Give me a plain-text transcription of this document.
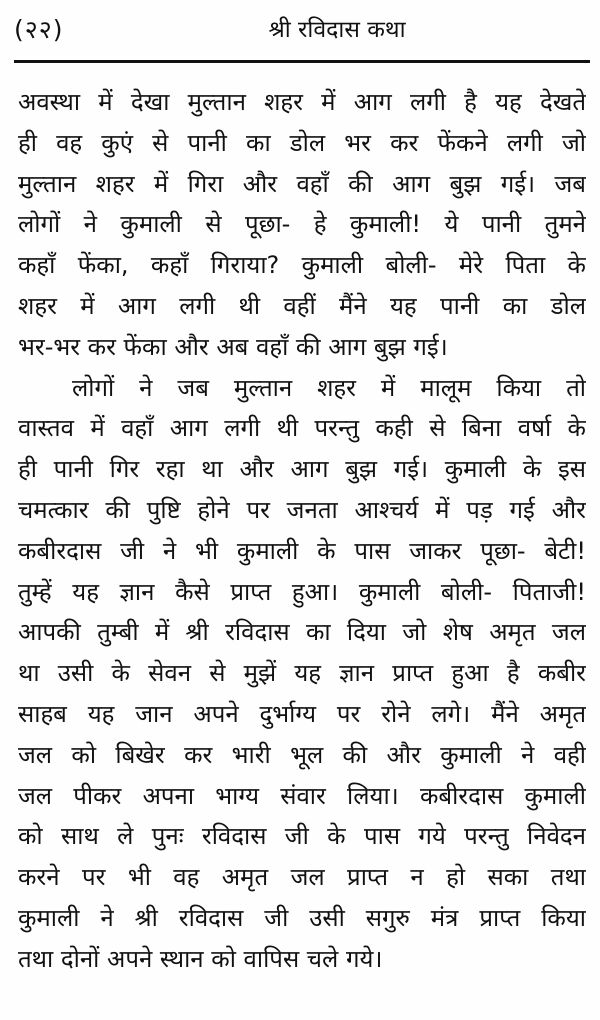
(२२)	श्री रविदास कथा
अवस्था में देखा मुल्तान शहर में आग लगी है यह देखते
ही वह कुएं से पानी का डोल भर कर फेंकने लगी जो
मुल्तान शहर में गिरा और वहाँ की आग बुझ गई। जब
लोगों ने कुमाली से पूछा- हे कुमाली! ये पानी तुमने
कहाँ फेंका, कहाँ गिराया? कुमाली बोली- मेरे पिता के
शहर में आग लगी थी वहीं मैंने यह पानी का डोल
भर-भर कर फेंका और अब वहाँ की आग बुझ गई।
लोगों ने जब मुल्तान शहर में मालूम किया तो
वास्तव में वहाँ आग लगी थी परन्तु कही से बिना वर्षा के
ही पानी गिर रहा था और आग बुझ गई। कुमाली के इस
चमत्कार की पुष्टि होने पर जनता आश्चर्य में पड़ गई और
कबीरदास जी ने भी कुमाली के पास जाकर पूछा- बेटी!
तुम्हें यह ज्ञान कैसे प्राप्त हुआ। कुमाली बोली- पिताजी!
आपकी तुम्बी में श्री रविदास का दिया जो शेष अमृत जल
था उसी के सेवन से मुझें यह ज्ञान प्राप्त हुआ है कबीर
साहब यह जान अपने दुर्भाग्य पर रोने लगे। मैंने अमृत
जल को बिखेर कर भारी भूल की और कुमाली ने वही
जल पीकर अपना भाग्य संवार लिया। कबीरदास कुमाली
को साथ ले पुनः रविदास जी के पास गये परन्तु निवेदन
करने पर भी वह अमृत जल प्राप्त न हो सका तथा
कुमाली ने श्री रविदास जी उसी सगुरु मंत्र प्राप्त किया
तथा दोनों अपने स्थान को वापिस चले गये।
